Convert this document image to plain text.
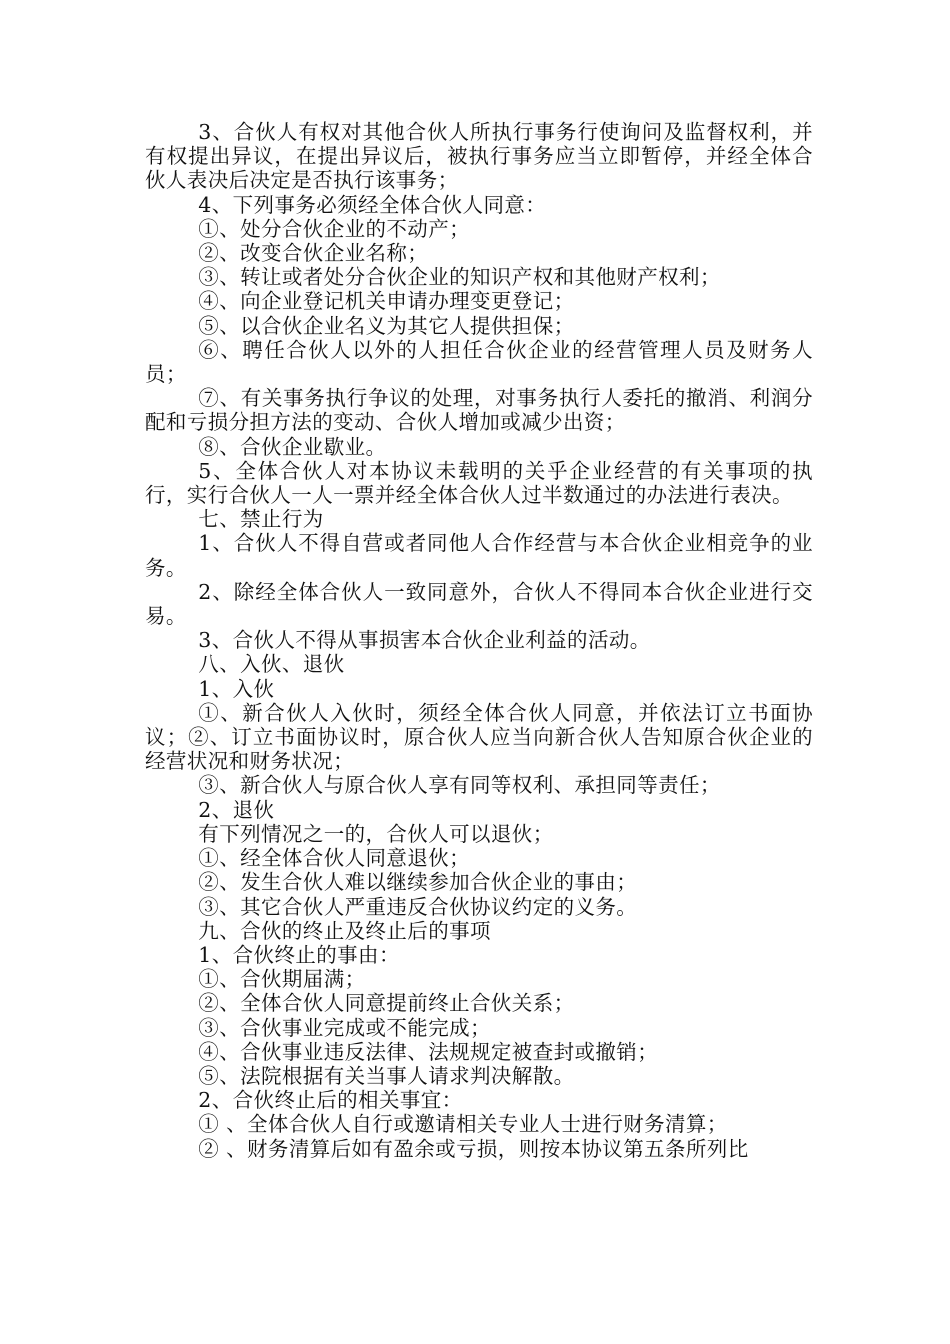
3、合伙人有权对其他合伙人所执行事务行使询问及监督权利，并有权提出异议，在提出异议后，被执行事务应当立即暂停，并经全体合伙人表决后决定是否执行该事务；

4、下列事务必须经全体合伙人同意：

①、处分合伙企业的不动产；

②、改变合伙企业名称；

③、转让或者处分合伙企业的知识产权和其他财产权利；

④、向企业登记机关申请办理变更登记；

⑤、以合伙企业名义为其它人提供担保；

⑥、聘任合伙人以外的人担任合伙企业的经营管理人员及财务人员；

⑦、有关事务执行争议的处理，对事务执行人委托的撤消、利润分配和亏损分担方法的变动、合伙人增加或减少出资；

⑧、合伙企业歇业。

5、全体合伙人对本协议未载明的关乎企业经营的有关事项的执行，实行合伙人一人一票并经全体合伙人过半数通过的办法进行表决。

七、禁止行为

1、合伙人不得自营或者同他人合作经营与本合伙企业相竞争的业务。

2、除经全体合伙人一致同意外，合伙人不得同本合伙企业进行交易。

3、合伙人不得从事损害本合伙企业利益的活动。

八、入伙、退伙

1、入伙

①、新合伙人入伙时，须经全体合伙人同意，并依法订立书面协议；②、订立书面协议时，原合伙人应当向新合伙人告知原合伙企业的经营状况和财务状况；

③、新合伙人与原合伙人享有同等权利、承担同等责任；

2、退伙

有下列情况之一的，合伙人可以退伙；

①、经全体合伙人同意退伙；

②、发生合伙人难以继续参加合伙企业的事由；

③、其它合伙人严重违反合伙协议约定的义务。

九、合伙的终止及终止后的事项

1、合伙终止的事由：

①、合伙期届满；

②、全体合伙人同意提前终止合伙关系；

③、合伙事业完成或不能完成；

④、合伙事业违反法律、法规规定被查封或撤销；

⑤、法院根据有关当事人请求判决解散。

2、合伙终止后的相关事宜：

① 、全体合伙人自行或邀请相关专业人士进行财务清算；

② 、财务清算后如有盈余或亏损，则按本协议第五条所列比
